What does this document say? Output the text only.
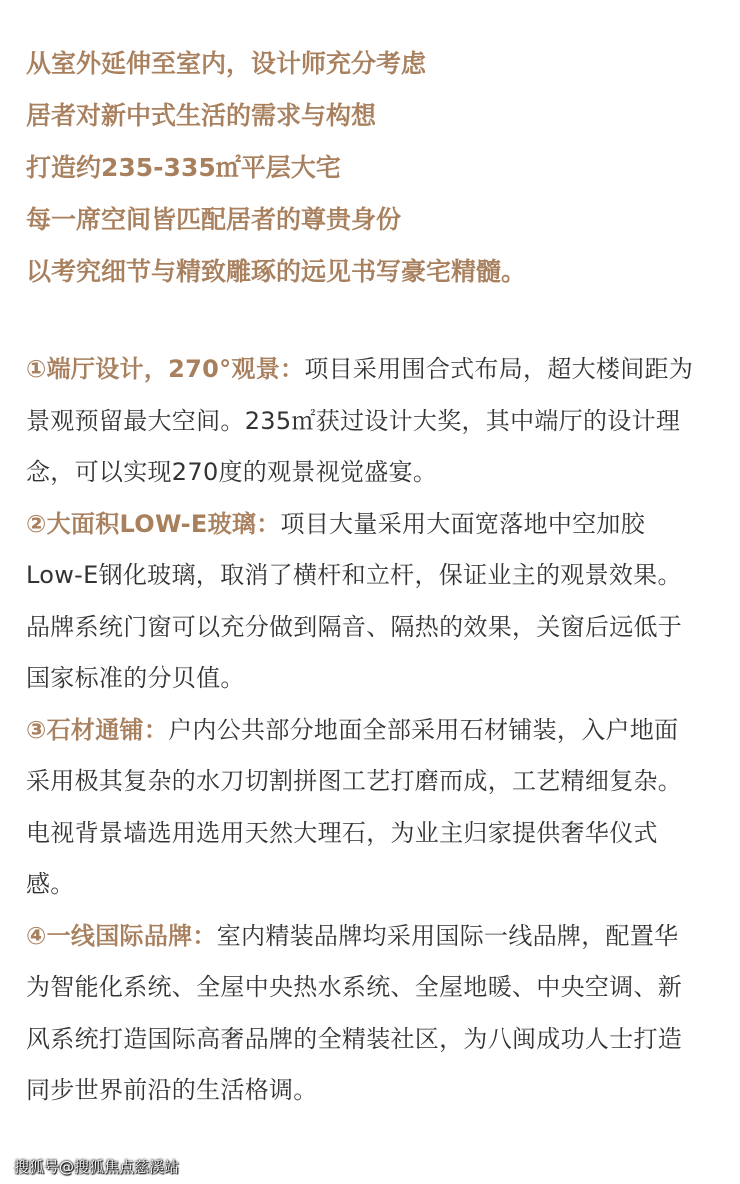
从室外延伸至室内，设计师充分考虑
居者对新中式生活的需求与构想
打造约235-335㎡平层大宅
每一席空间皆匹配居者的尊贵身份
以考究细节与精致雕琢的远见书写豪宅精髓。

①端厅设计，270°观景：项目采用围合式布局，超大楼间距为景观预留最大空间。235㎡获过设计大奖，其中端厅的设计理念，可以实现270度的观景视觉盛宴。

②大面积LOW-E玻璃：项目大量采用大面宽落地中空加胶Low-E钢化玻璃，取消了横杆和立杆，保证业主的观景效果。品牌系统门窗可以充分做到隔音、隔热的效果，关窗后远低于国家标准的分贝值。

③石材通铺：户内公共部分地面全部采用石材铺装，入户地面采用极其复杂的水刀切割拼图工艺打磨而成，工艺精细复杂。电视背景墙选用选用天然大理石，为业主归家提供奢华仪式感。

④一线国际品牌：室内精装品牌均采用国际一线品牌，配置华为智能化系统、全屋中央热水系统、全屋地暖、中央空调、新风系统打造国际高奢品牌的全精装社区，为八闽成功人士打造同步世界前沿的生活格调。

搜狐号@搜狐焦点慈溪站
